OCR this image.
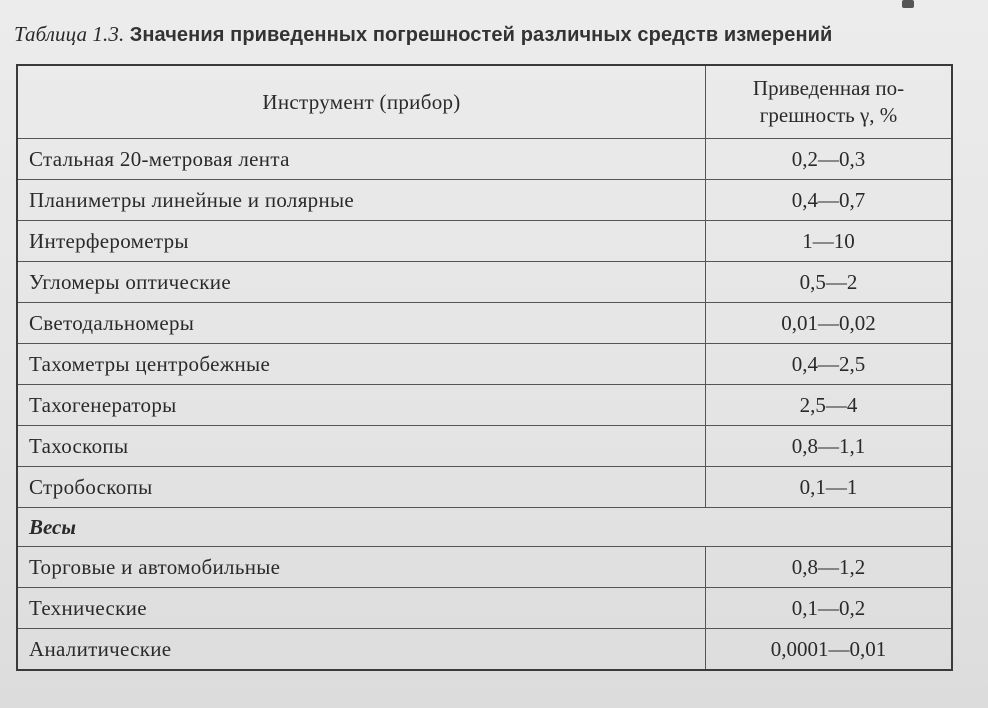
Таблица 1.3. Значения приведенных погрешностей различных средств измерений
Инструмент (прибор)	Приведенная по-
грешность γ, %
Стальная 20-метровая лента	0,2—0,3
Планиметры линейные и полярные	0,4—0,7
Интерферометры	1—10
Угломеры оптические	0,5—2
Светодальномеры	0,01—0,02
Тахометры центробежные	0,4—2,5
Тахогенераторы	2,5—4
Тахоскопы	0,8—1,1
Стробоскопы	0,1—1
Весы	
Торговые и автомобильные	0,8—1,2
Технические	0,1—0,2
Аналитические	0,0001—0,01
